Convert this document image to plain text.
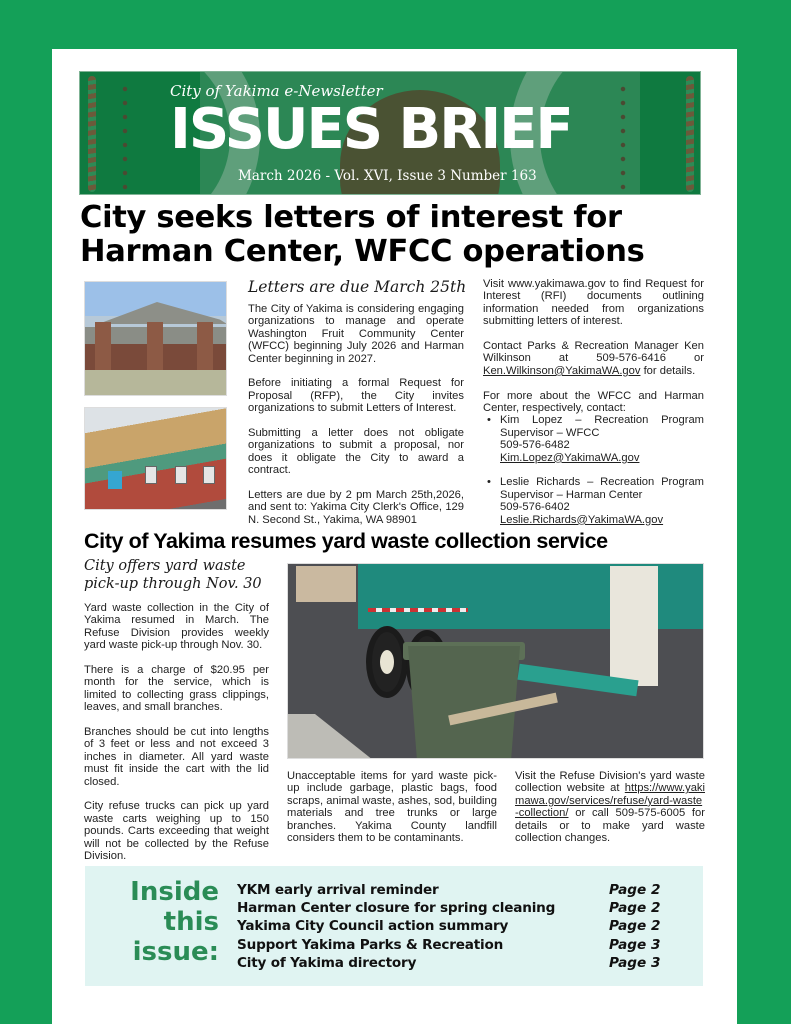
City of Yakima e-Newsletter
ISSUES BRIEF
March 2026 - Vol. XVI, Issue 3 Number 163
City seeks letters of interest for Harman Center, WFCC operations
Letters are due March 25th

The City of Yakima is considering engaging organizations to manage and operate Washington Fruit Community Center (WFCC) beginning July 2026 and Harman Center beginning in 2027.

Before initiating a formal Request for Proposal (RFP), the City invites organizations to submit Letters of Interest.

Submitting a letter does not obligate organizations to submit a proposal, nor does it obligate the City to award a contract.

Letters are due by 2 pm March 25th,2026, and sent to: Yakima City Clerk's Office, 129 N. Second St., Yakima, WA 98901

Visit www.yakimawa.gov to find Request for Interest (RFI) documents outlining information needed from organizations submitting letters of interest.

Contact Parks & Recreation Manager Ken Wilkinson at 509-576-6416 or Ken.Wilkinson@YakimaWA.gov for details.

For more about the WFCC and Harman Center, respectively, contact:

• Kim Lopez – Recreation Program Supervisor – WFCC
509-576-6482
Kim.Lopez@YakimaWA.gov
• Leslie Richards – Recreation Program Supervisor – Harman Center
509-576-6402
Leslie.Richards@YakimaWA.gov
City of Yakima resumes yard waste collection service
City offers yard waste pick-up through Nov. 30

Yard waste collection in the City of Yakima resumed in March. The Refuse Division provides weekly yard waste pick-up through Nov. 30.

There is a charge of $20.95 per month for the service, which is limited to collecting grass clippings, leaves, and small branches.

Branches should be cut into lengths of 3 feet or less and not exceed 3 inches in diameter. All yard waste must fit inside the cart with the lid closed.

City refuse trucks can pick up yard waste carts weighing up to 150 pounds. Carts exceeding that weight will not be collected by the Refuse Division.

Unacceptable items for yard waste pick-up include garbage, plastic bags, food scraps, animal waste, ashes, sod, building materials and tree trunks or large branches. Yakima County landfill considers them to be contaminants.

Visit the Refuse Division's yard waste collection website at https://www.yakimawa.gov/services/refuse/yard-waste-collection/ or call 509-575-6005 for details or to make yard waste collection changes.

Inside
this
issue:
YKM early arrival reminder	Page 2
Harman Center closure for spring cleaning	Page 2
Yakima City Council action summary	Page 2
Support Yakima Parks & Recreation	Page 3
City of Yakima directory	Page 3
